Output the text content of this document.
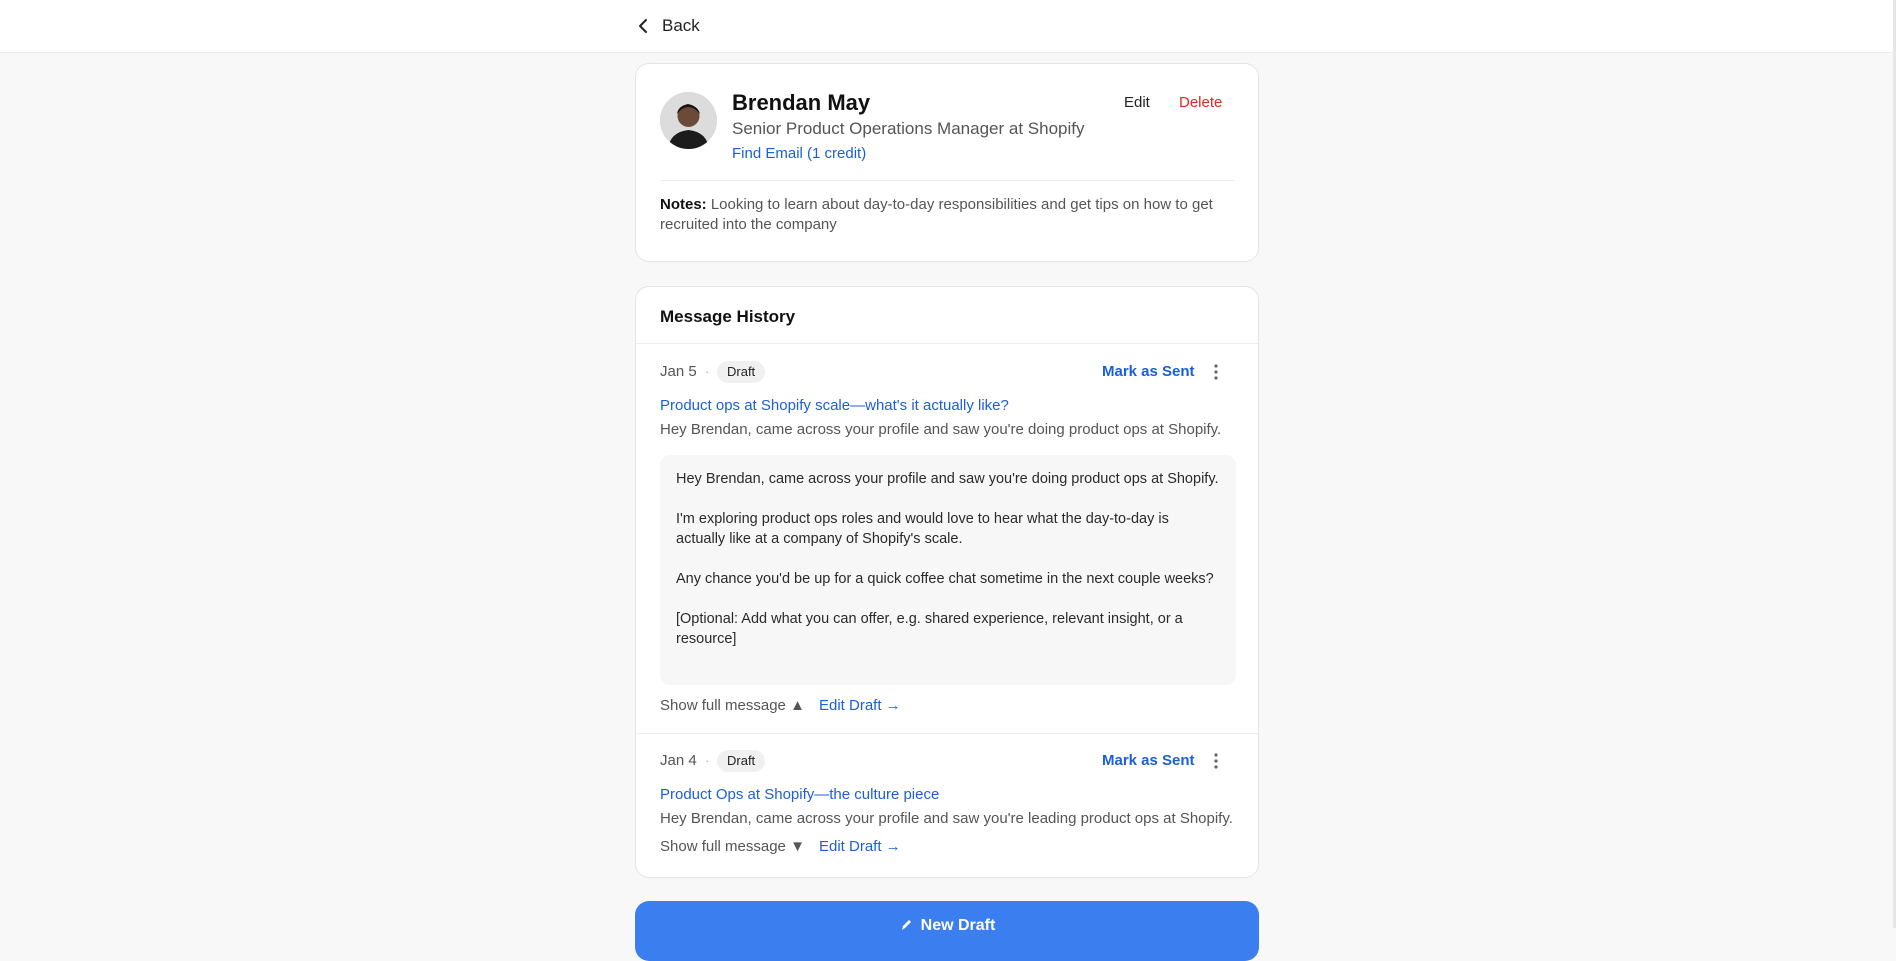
Back
Brendan May
Senior Product Operations Manager at Shopify
Find Email (1 credit)
Edit Delete
Notes: Looking to learn about day-to-day responsibilities and get tips on how to get recruited into the company
Message History
Jan 5 ·	Draft	Mark as Sent
Product ops at Shopify scale—what's it actually like?
Hey Brendan, came across your profile and saw you're doing product ops at Shopify.

Hey Brendan, came across your profile and saw you're doing product ops at Shopify.

I'm exploring product ops roles and would love to hear what the day-to-day is actually like at a company of Shopify's scale.

Any chance you'd be up for a quick coffee chat sometime in the next couple weeks?

[Optional: Add what you can offer, e.g. shared experience, relevant insight, or a resource]

Show full message ▲ Edit Draft →
Jan 4 ·	Draft	Mark as Sent
Product Ops at Shopify—the culture piece
Hey Brendan, came across your profile and saw you're leading product ops at Shopify.
Show full message ▼ Edit Draft →
New Draft
